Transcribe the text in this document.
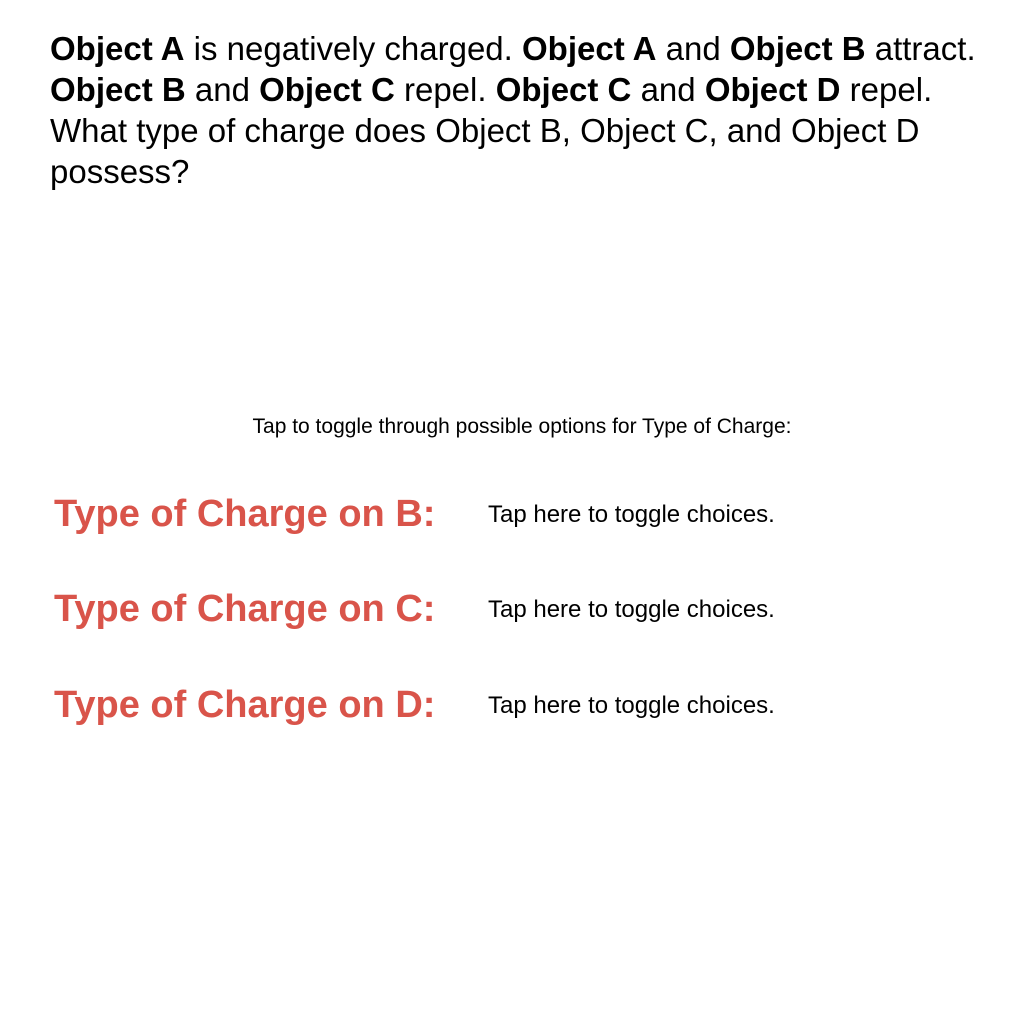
Object A is negatively charged. Object A and Object B attract. Object B and Object C repel. Object C and Object D repel. What type of charge does Object B, Object C, and Object D possess?

Tap to toggle through possible options for Type of Charge:

Type of Charge on B: Tap here to toggle choices.
Type of Charge on C: Tap here to toggle choices.
Type of Charge on D: Tap here to toggle choices.
